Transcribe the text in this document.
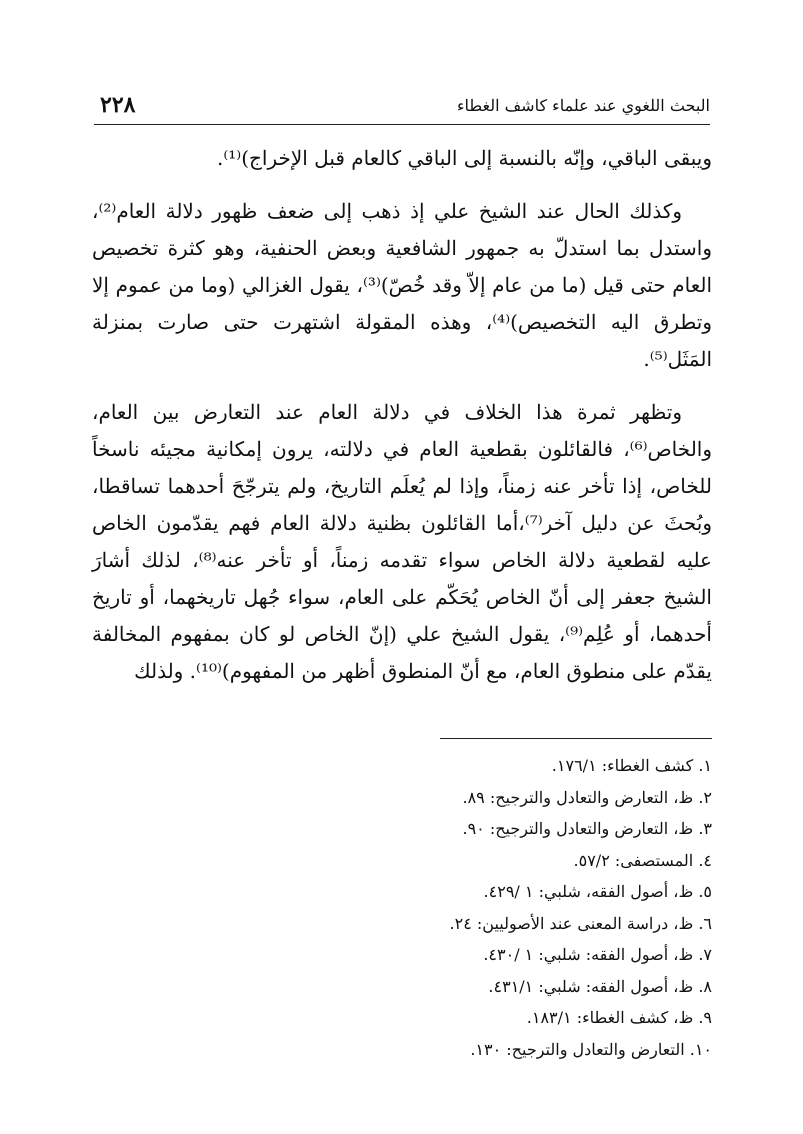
٢٢٨	البحث اللغوي عند علماء كاشف الغطاء

ويبقى الباقي، وإنّه بالنسبة إلى الباقي كالعام قبل الإخراج)⁽¹⁾.

وكذلك الحال عند الشيخ علي إذ ذهب إلى ضعف ظهور دلالة العام⁽²⁾، واستدل بما استدلّ به جمهور الشافعية وبعض الحنفية، وهو كثرة تخصيص العام حتى قيل (ما من عام إلاّ وقد خُصّ)⁽³⁾، يقول الغزالي (وما من عموم إلا وتطرق اليه التخصيص)⁽⁴⁾، وهذه المقولة اشتهرت حتى صارت بمنزلة المَثَل⁽⁵⁾.

وتظهر ثمرة هذا الخلاف في دلالة العام عند التعارض بين العام، والخاص⁽⁶⁾، فالقائلون بقطعية العام في دلالته، يرون إمكانية مجيئه ناسخاً للخاص، إذا تأخر عنه زمناً، وإذا لم يُعلَم التاريخ، ولم يترجّحَ أحدهما تساقطا، وبُحثَ عن دليل آخر⁽⁷⁾،أما القائلون بظنية دلالة العام فهم يقدّمون الخاص عليه لقطعية دلالة الخاص سواء تقدمه زمناً، أو تأخر عنه⁽⁸⁾، لذلك أشارَ الشيخ جعفر إلى أنّ الخاص يُحَكّم على العام، سواء جُهل تاريخهما، أو تاريخ أحدهما، أو عُلِم⁽⁹⁾، يقول الشيخ علي (إنّ الخاص لو كان بمفهوم المخالفة يقدّم على منطوق العام، مع أنّ المنطوق أظهر من المفهوم)⁽¹⁰⁾. ولذلك

١. كشف الغطاء: ١٧٦/١.
٢. ظ، التعارض والتعادل والترجيح: ٨٩.
٣. ظ، التعارض والتعادل والترجيح: ٩٠.
٤. المستصفى: ٥٧/٢.
٥. ظ، أصول الفقه، شلبي: ١ /٤٢٩.
٦. ظ، دراسة المعنى عند الأصوليين: ٢٤.
٧. ظ، أصول الفقه: شلبي: ١ /٤٣٠.
٨. ظ، أصول الفقه: شلبي: ٤٣١/١.
٩. ظ، كشف الغطاء: ١٨٣/١.
١٠. التعارض والتعادل والترجيح: ١٣٠.
